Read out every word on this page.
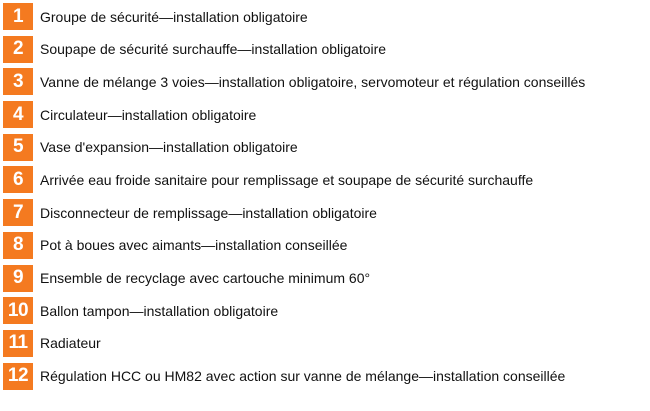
1	Groupe de sécurité—installation obligatoire
2	Soupape de sécurité surchauffe—installation obligatoire
3	Vanne de mélange 3 voies—installation obligatoire, servomoteur et régulation conseillés
4	Circulateur—installation obligatoire
5	Vase d'expansion—installation obligatoire
6	Arrivée eau froide sanitaire pour remplissage et soupape de sécurité surchauffe
7	Disconnecteur de remplissage—installation obligatoire
8	Pot à boues avec aimants—installation conseillée
9	Ensemble de recyclage avec cartouche minimum 60°
10 Ballon tampon—installation obligatoire
11 Radiateur
12 Régulation HCC ou HM82 avec action sur vanne de mélange—installation conseillée
